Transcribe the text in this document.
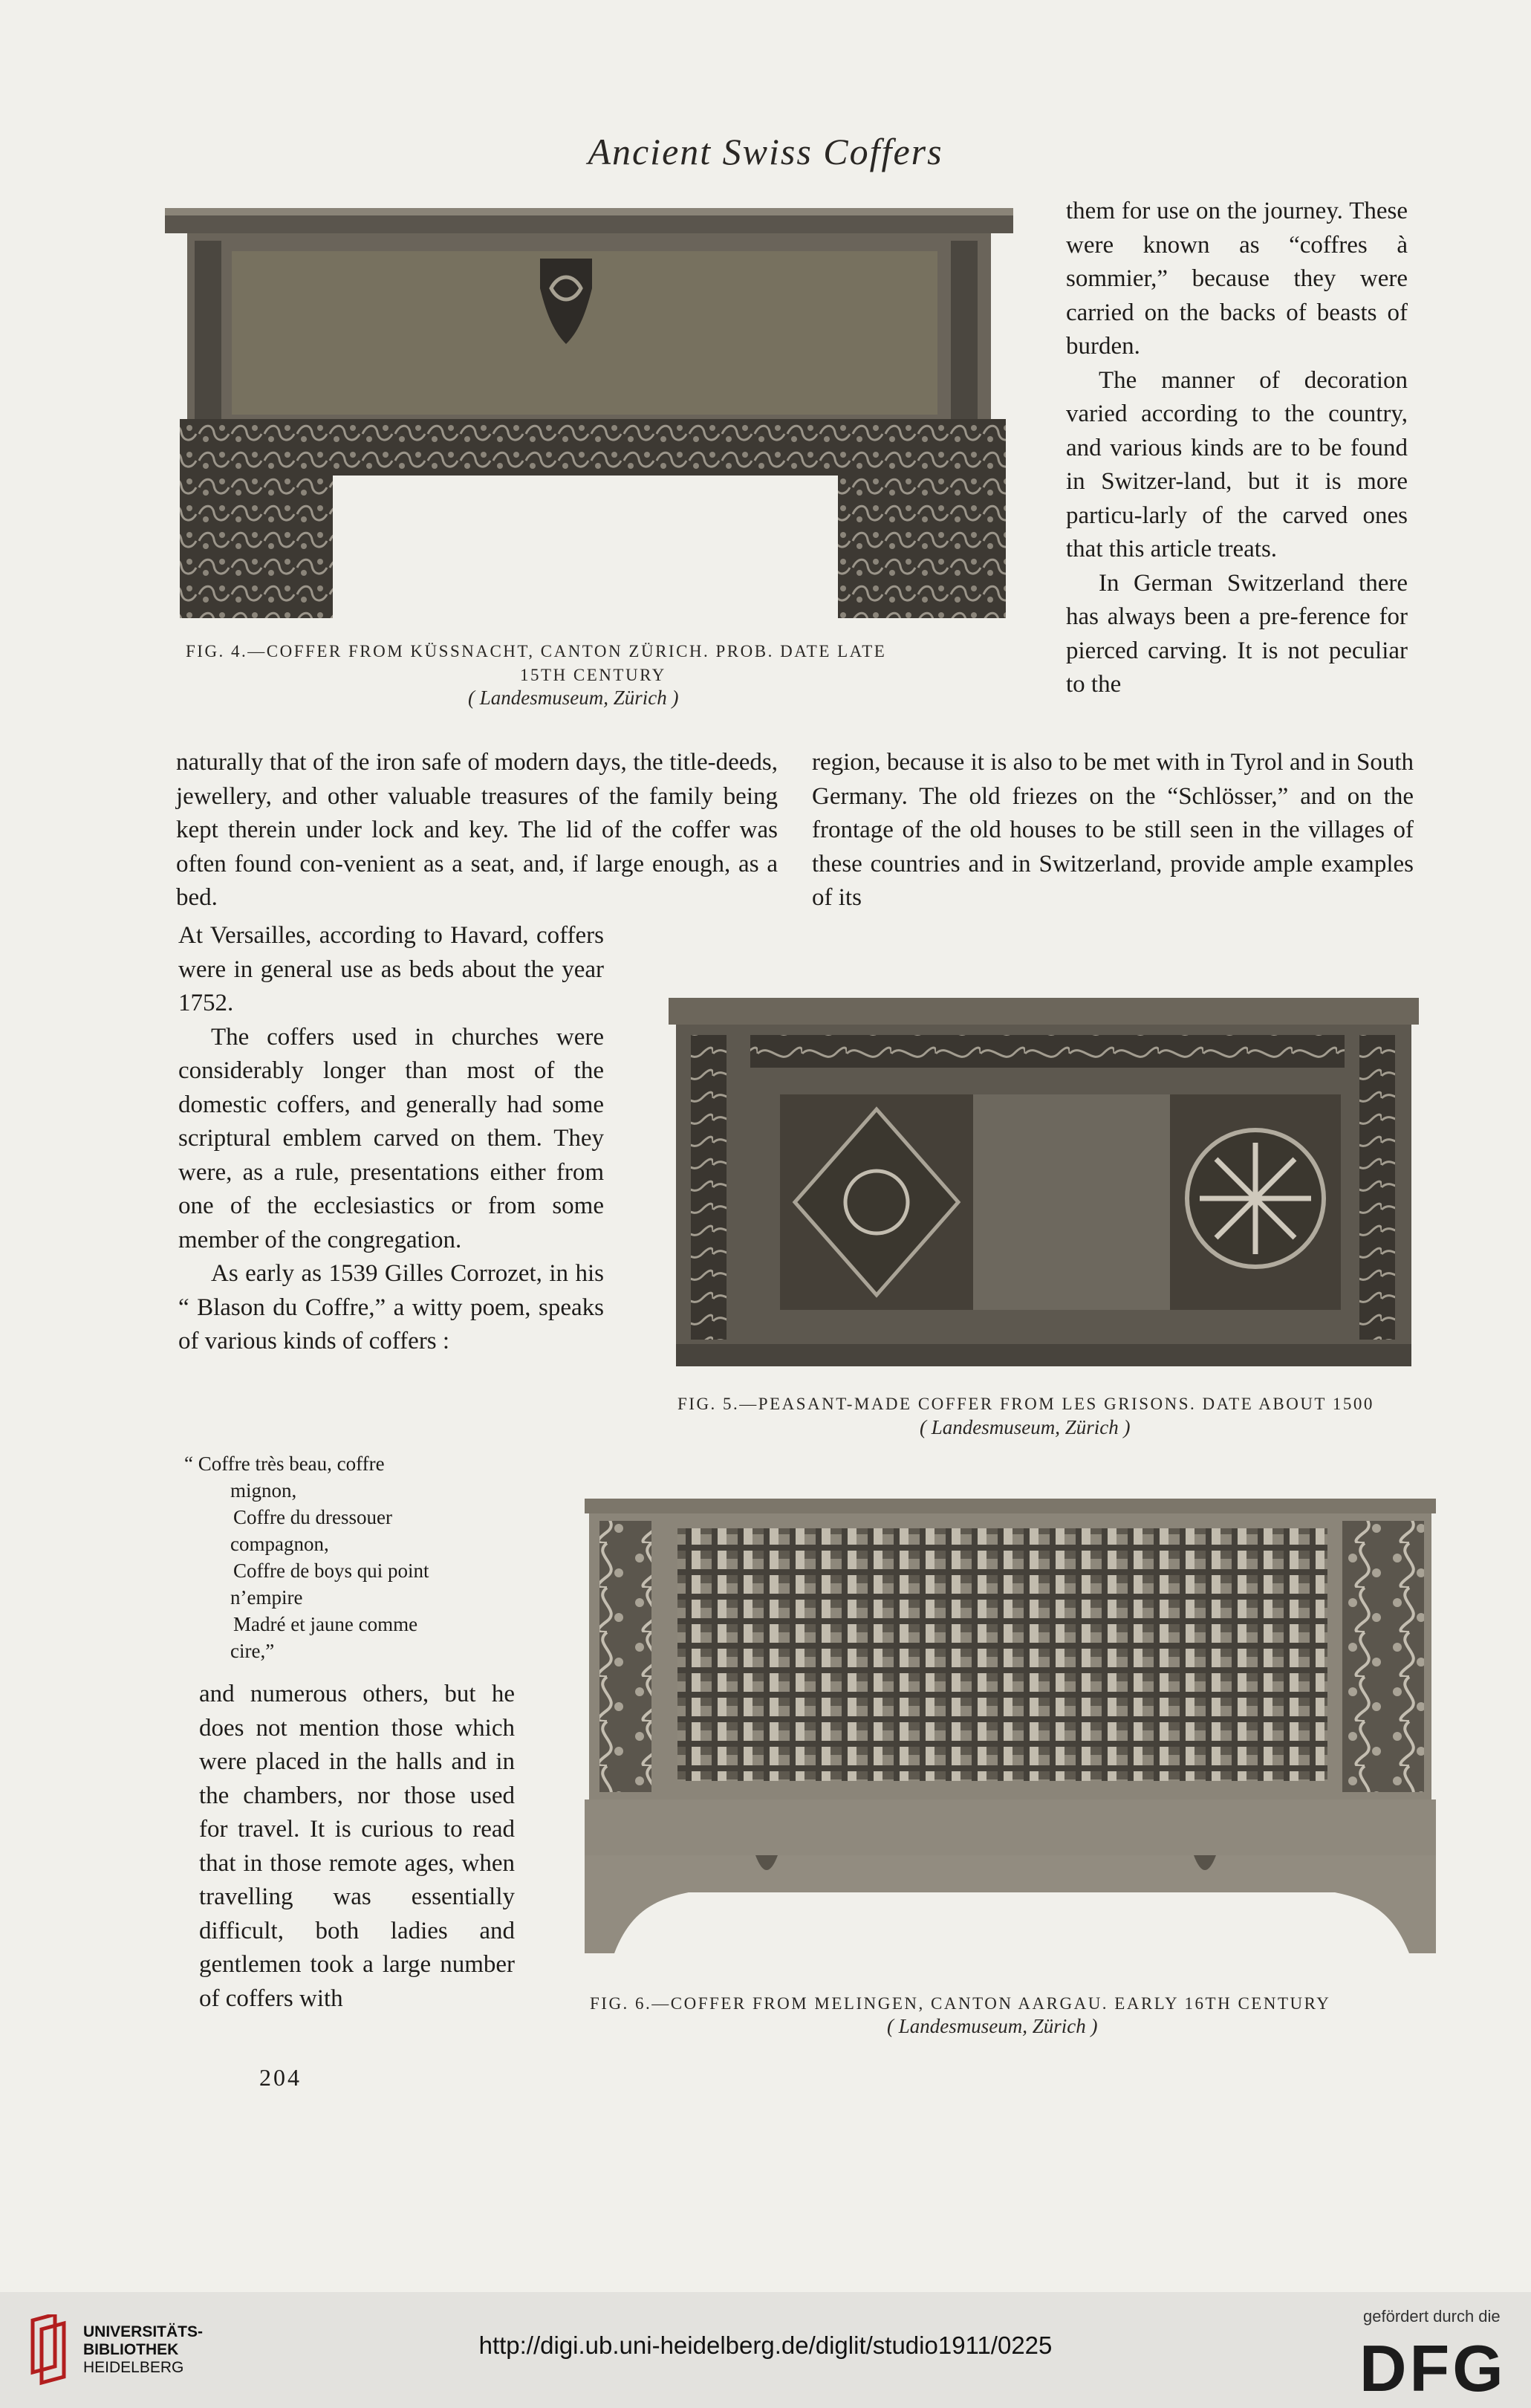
Ancient Swiss Coffers
FIG. 4.—COFFER FROM KÜSSNACHT, CANTON ZÜRICH. PROB. DATE LATE
15TH CENTURY
( Landesmuseum, Zürich )

them for use on the journey. These were known as “coffres à sommier,” because they were carried on the backs of beasts of burden.

The manner of decoration varied according to the country, and various kinds are to be found in Switzer-land, but it is more particu-larly of the carved ones that this article treats.

In German Switzerland there has always been a pre-ference for pierced carving. It is not peculiar to the

naturally that of the iron safe of modern days, the title-deeds, jewellery, and other valuable treasures of the family being kept therein under lock and key. The lid of the coffer was often found con-venient as a seat, and, if large enough, as a bed.
region, because it is also to be met with in Tyrol and in South Germany. The old friezes on the “Schlösser,” and on the frontage of the old houses to be still seen in the villages of these countries and in Switzerland, provide ample examples of its

At Versailles, according to Havard, coffers were in general use as beds about the year 1752.

The coffers used in churches were considerably longer than most of the domestic coffers, and generally had some scriptural emblem carved on them. They were, as a rule, presentations either from one of the ecclesiastics or from some member of the congregation.

As early as 1539 Gilles Corrozet, in his “ Blason du Coffre,” a witty poem, speaks of various kinds of coffers :

“ Coffre très beau, coffre
mignon,
Coffre du dressouer
compagnon,
Coffre de boys qui point
n’empire
Madré et jaune comme
cire,”
and numerous others, but he does not mention those which were placed in the halls and in the chambers, nor those used for travel. It is curious to read that in those remote ages, when travelling was essentially difficult, both ladies and gentlemen took a large number of coffers with
204
FIG. 5.—PEASANT-MADE COFFER FROM LES GRISONS. DATE ABOUT 1500
( Landesmuseum, Zürich )
FIG. 6.—COFFER FROM MELINGEN, CANTON AARGAU. EARLY 16TH CENTURY
( Landesmuseum, Zürich )
UNIVERSITÄTS-
BIBLIOTHEK
HEIDELBERG
http://digi.ub.uni-heidelberg.de/diglit/studio1911/0225
gefördert durch die
DFG
